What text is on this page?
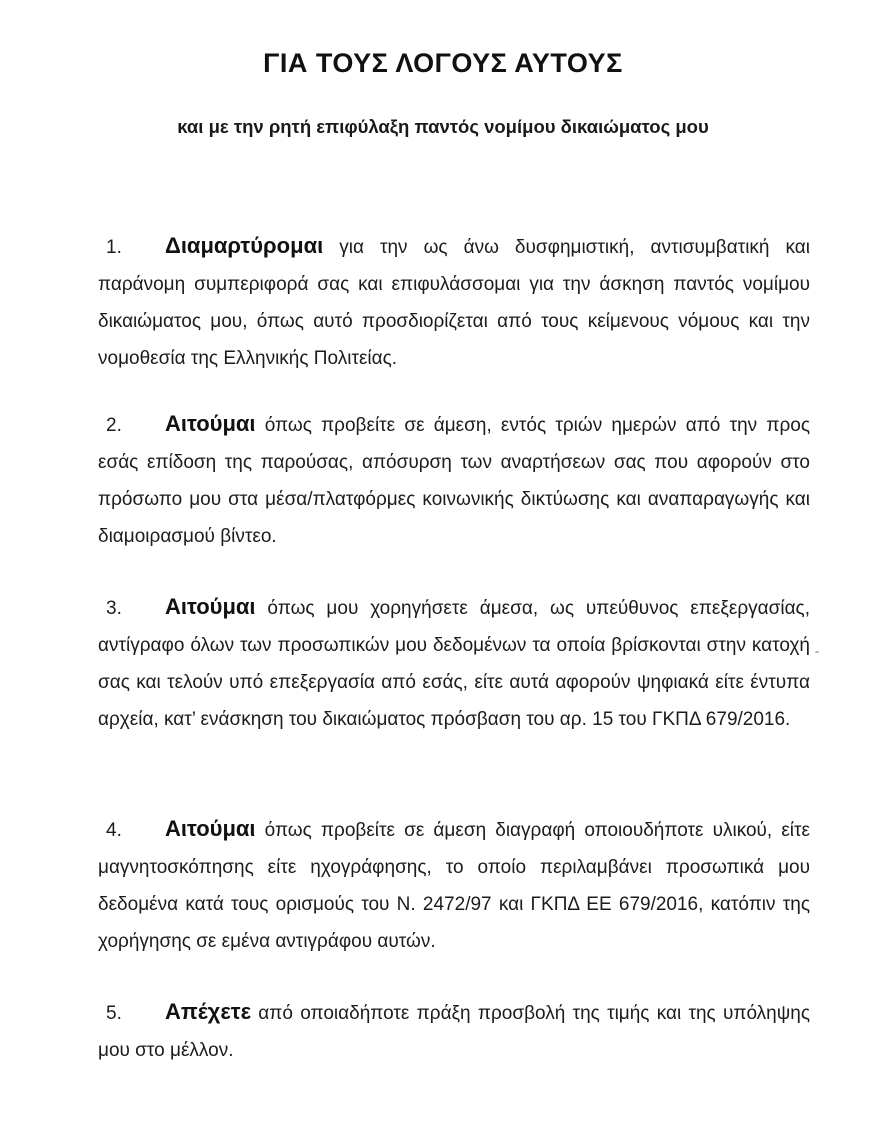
ΓΙΑ ΤΟΥΣ ΛΟΓΟΥΣ ΑΥΤΟΥΣ
και με την ρητή επιφύλαξη παντός νομίμου δικαιώματος μου
1. Διαμαρτύρομαι για την ως άνω δυσφημιστική, αντισυμβατική και παράνομη συμπεριφορά σας και επιφυλάσσομαι για την άσκηση παντός νομίμου δικαιώματος μου, όπως αυτό προσδιορίζεται από τους κείμενους νόμους και την νομοθεσία της Ελληνικής Πολιτείας.
2. Αιτούμαι όπως προβείτε σε άμεση, εντός τριών ημερών από την προς εσάς επίδοση της παρούσας, απόσυρση των αναρτήσεων σας που αφορούν στο πρόσωπο μου στα μέσα/πλατφόρμες κοινωνικής δικτύωσης και αναπαραγωγής και διαμοιρασμού βίντεο.
3. Αιτούμαι όπως μου χορηγήσετε άμεσα, ως υπεύθυνος επεξεργασίας, αντίγραφο όλων των προσωπικών μου δεδομένων τα οποία βρίσκονται στην κατοχή σας και τελούν υπό επεξεργασία από εσάς, είτε αυτά αφορούν ψηφιακά είτε έντυπα αρχεία, κατ’ ενάσκηση του δικαιώματος πρόσβαση του αρ. 15 του ΓΚΠΔ 679/2016.
4. Αιτούμαι όπως προβείτε σε άμεση διαγραφή οποιουδήποτε υλικού, είτε μαγνητοσκόπησης είτε ηχογράφησης, το οποίο περιλαμβάνει προσωπικά μου δεδομένα κατά τους ορισμούς του Ν. 2472/97 και ΓΚΠΔ ΕΕ 679/2016, κατόπιν της χορήγησης σε εμένα αντιγράφου αυτών.
5. Απέχετε από οποιαδήποτε πράξη προσβολή της τιμής και της υπόληψης μου στο μέλλον.
